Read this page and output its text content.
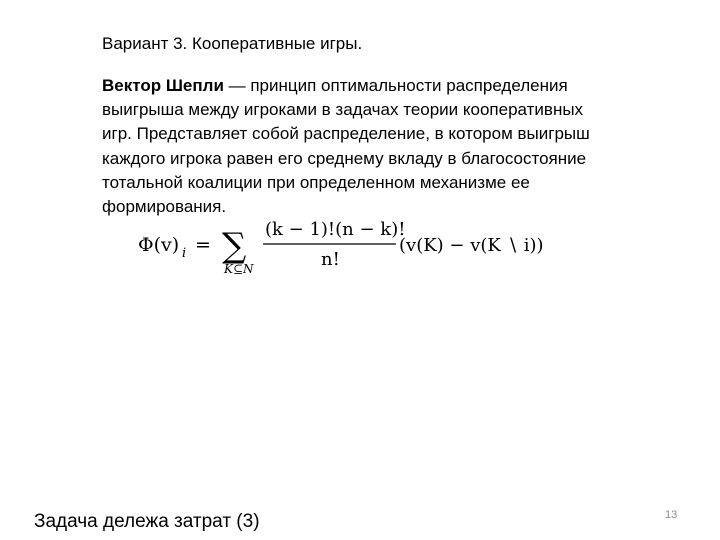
Вариант 3. Кооперативные игры.
Вектор Шепли — принцип оптимальности распределения
выигрыша между игроками в задачах теории кооперативных
игр. Представляет собой распределение, в котором выигрыш
каждого игрока равен его среднему вкладу в благосостояние
тотальной коалиции при определенном механизме ее
формирования.
Φ(v) i = ∑
K⊆N
(k − 1)!(n − k)!
n!
(v(K) − v(K ∖ i))
Задача дележа затрат (3)	13
